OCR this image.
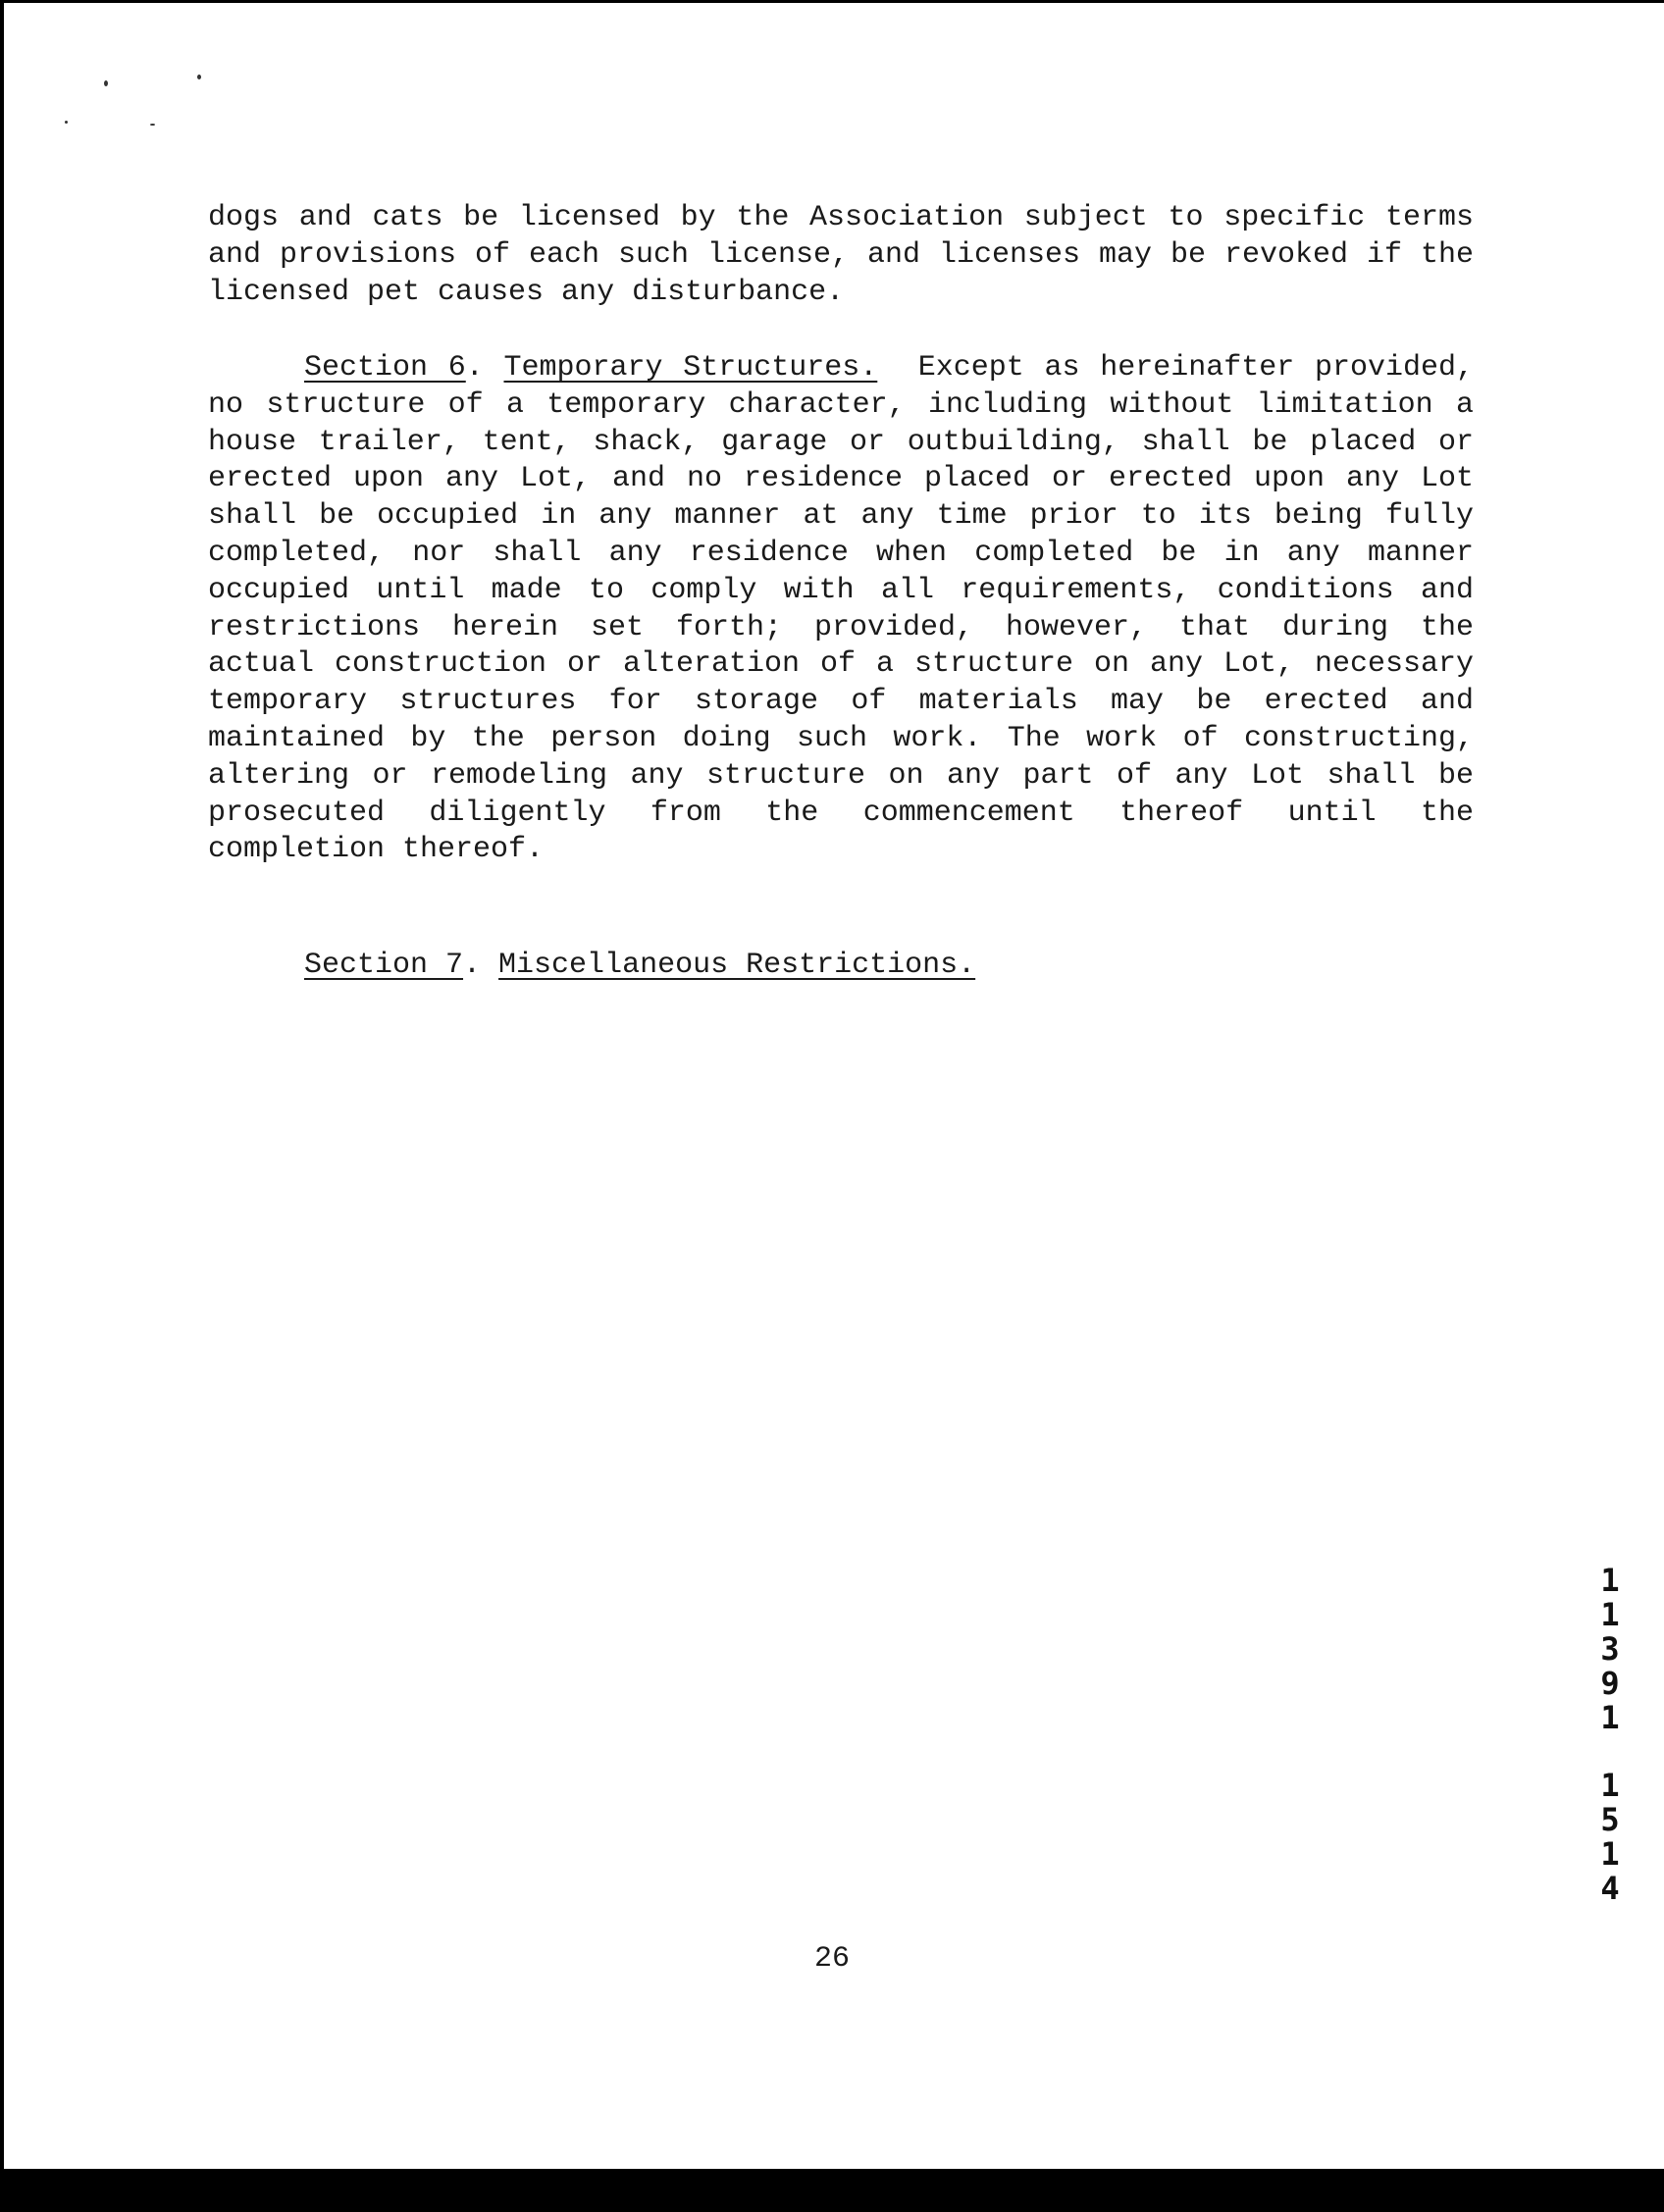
dogs and cats be licensed by the Association subject to specific terms and provisions of each such license, and licenses may be revoked if the licensed pet causes any disturbance.

Section 6. Temporary Structures. Except as hereinafter provided, no structure of a temporary character, including without limitation a house trailer, tent, shack, garage or outbuilding, shall be placed or erected upon any Lot, and no residence placed or erected upon any Lot shall be occupied in any manner at any time prior to its being fully completed, nor shall any residence when completed be in any manner occupied until made to comply with all requirements, conditions and restrictions herein set forth; provided, however, that during the actual construction or alteration of a structure on any Lot, necessary temporary structures for storage of materials may be erected and maintained by the person doing such work. The work of constructing, altering or remodeling any structure on any part of any Lot shall be prosecuted diligently from the commencement thereof until the completion thereof.

Section 7. Miscellaneous Restrictions.

26
1
1
3
9
1
1
5
1
4
